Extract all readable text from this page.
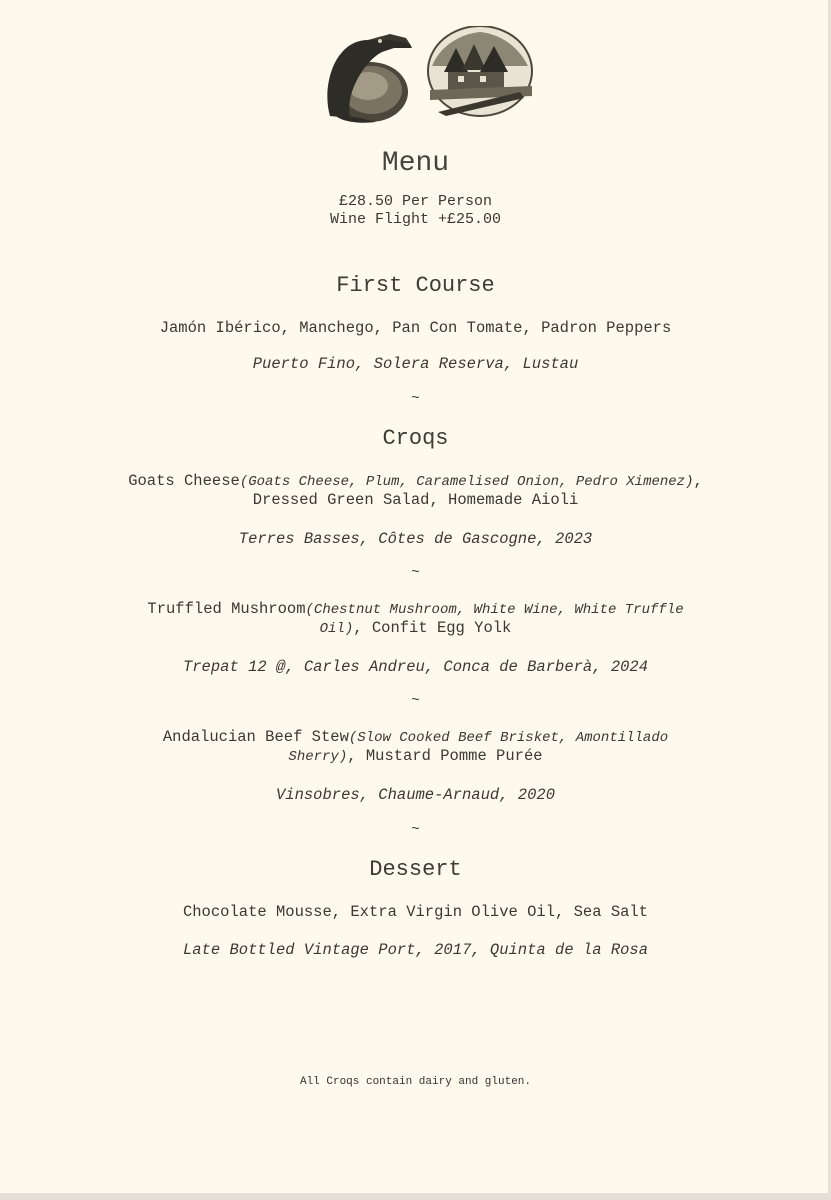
Menu
£28.50 Per Person
Wine Flight +£25.00
First Course
Jamón Ibérico, Manchego, Pan Con Tomate, Padron Peppers
Puerto Fino, Solera Reserva, Lustau
~
Croqs
Goats Cheese(Goats Cheese, Plum, Caramelised Onion, Pedro Ximenez),
Dressed Green Salad, Homemade Aioli
Terres Basses, Côtes de Gascogne, 2023
~
Truffled Mushroom(Chestnut Mushroom, White Wine, White Truffle
Oil), Confit Egg Yolk
Trepat 12 @, Carles Andreu, Conca de Barberà, 2024
~
Andalucian Beef Stew(Slow Cooked Beef Brisket, Amontillado
Sherry), Mustard Pomme Purée
Vinsobres, Chaume-Arnaud, 2020
~
Dessert
Chocolate Mousse, Extra Virgin Olive Oil, Sea Salt
Late Bottled Vintage Port, 2017, Quinta de la Rosa
All Croqs contain dairy and gluten.
